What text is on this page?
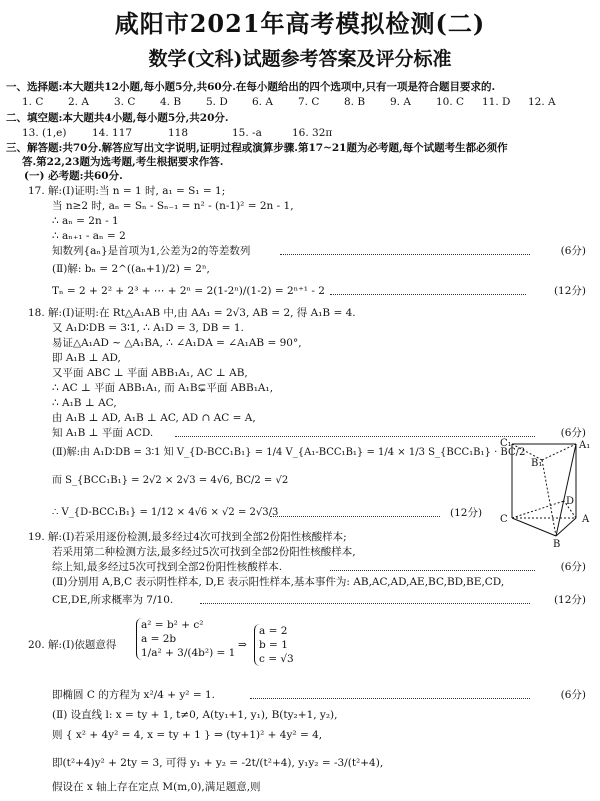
咸阳市2021年高考模拟检测(二)
数学(文科)试题参考答案及评分标准
一、选择题:本大题共12小题,每小题5分,共60分.在每小题给出的四个选项中,只有一项是符合题目要求的.
1. C 2. A 3. C 4. B 5. D 6. A 7. C 8. B 9. A 10. C 11. D 12. A
二、填空题:本大题共4小题,每小题5分,共20分.
13. (1,e) 14. 117	118	15. -a	16. 32π
三、解答题:共70分.解答应写出文字说明,证明过程或演算步骤.第17~21题为必考题,每个试题考生都必须作
答.第22,23题为选考题,考生根据要求作答.
(一) 必考题:共60分.
17. 解:(Ⅰ)证明:当 n = 1 时, a₁ = S₁ = 1;
当 n≥2 时, aₙ = Sₙ - Sₙ₋₁ = n² - (n-1)² = 2n - 1,
∴ aₙ = 2n - 1
∴ aₙ₊₁ - aₙ = 2
知数列{aₙ}是首项为1,公差为2的等差数列	(6分)
(Ⅱ)解: bₙ = 2^((aₙ+1)/2) = 2ⁿ,
Tₙ = 2 + 2² + 2³ + ⋯ + 2ⁿ = 2(1-2ⁿ)/(1-2) = 2ⁿ⁺¹ - 2	(12分)
18. 解:(Ⅰ)证明:在 Rt△A₁AB 中,由 AA₁ = 2√3, AB = 2, 得 A₁B = 4.
又 A₁D∶DB = 3∶1, ∴ A₁D = 3, DB = 1.
易证△A₁AD ∼ △A₁BA, ∴ ∠A₁DA = ∠A₁AB = 90°,
即 A₁B ⊥ AD,
又平面 ABC ⊥ 平面 ABB₁A₁, AC ⊥ AB,
∴ AC ⊥ 平面 ABB₁A₁, 而 A₁B⊊平面 ABB₁A₁,
∴ A₁B ⊥ AC,
由 A₁B ⊥ AD, A₁B ⊥ AC, AD ∩ AC = A,
知 A₁B ⊥ 平面 ACD.	(6分)
(Ⅱ)解:由 A₁D∶DB = 3∶1 知 V_{D-BCC₁B₁} = 1/4 V_{A₁-BCC₁B₁} = 1/4 × 1/3 S_{BCC₁B₁} · BC/2
而 S_{BCC₁B₁} = 2√2 × 2√3 = 4√6, BC/2 = √2
∴ V_{D-BCC₁B₁} = 1/12 × 4√6 × √2 = 2√3/3	(12分)
C₁
B₁
A₁
D
C	A
B
19. 解:(Ⅰ)若采用逐份检测,最多经过4次可找到全部2份阳性核酸样本;
若采用第二种检测方法,最多经过5次可找到全部2份阳性核酸样本,
综上知,最多经过5次可找到全部2份阳性核酸样本.	(6分)
(Ⅱ)分别用 A,B,C 表示阴性样本, D,E 表示阳性样本,基本事件为: AB,AC,AD,AE,BC,BD,BE,CD,
CE,DE,所求概率为 7/10.	(12分)
20. 解:(Ⅰ)依题意得
a² = b² + c²
a = 2b
1/a² + 3/(4b²) = 1
⇒
a = 2
b = 1
c = √3
即椭圆 C 的方程为 x²/4 + y² = 1.	(6分)
(Ⅱ) 设直线 l: x = ty + 1, t≠0, A(ty₁+1, y₁), B(ty₂+1, y₂),
则 { x² + 4y² = 4, x = ty + 1 } ⇒ (ty+1)² + 4y² = 4,
即(t²+4)y² + 2ty = 3, 可得 y₁ + y₂ = -2t/(t²+4), y₁y₂ = -3/(t²+4),
假设在 x 轴上存在定点 M(m,0),满足题意,则
